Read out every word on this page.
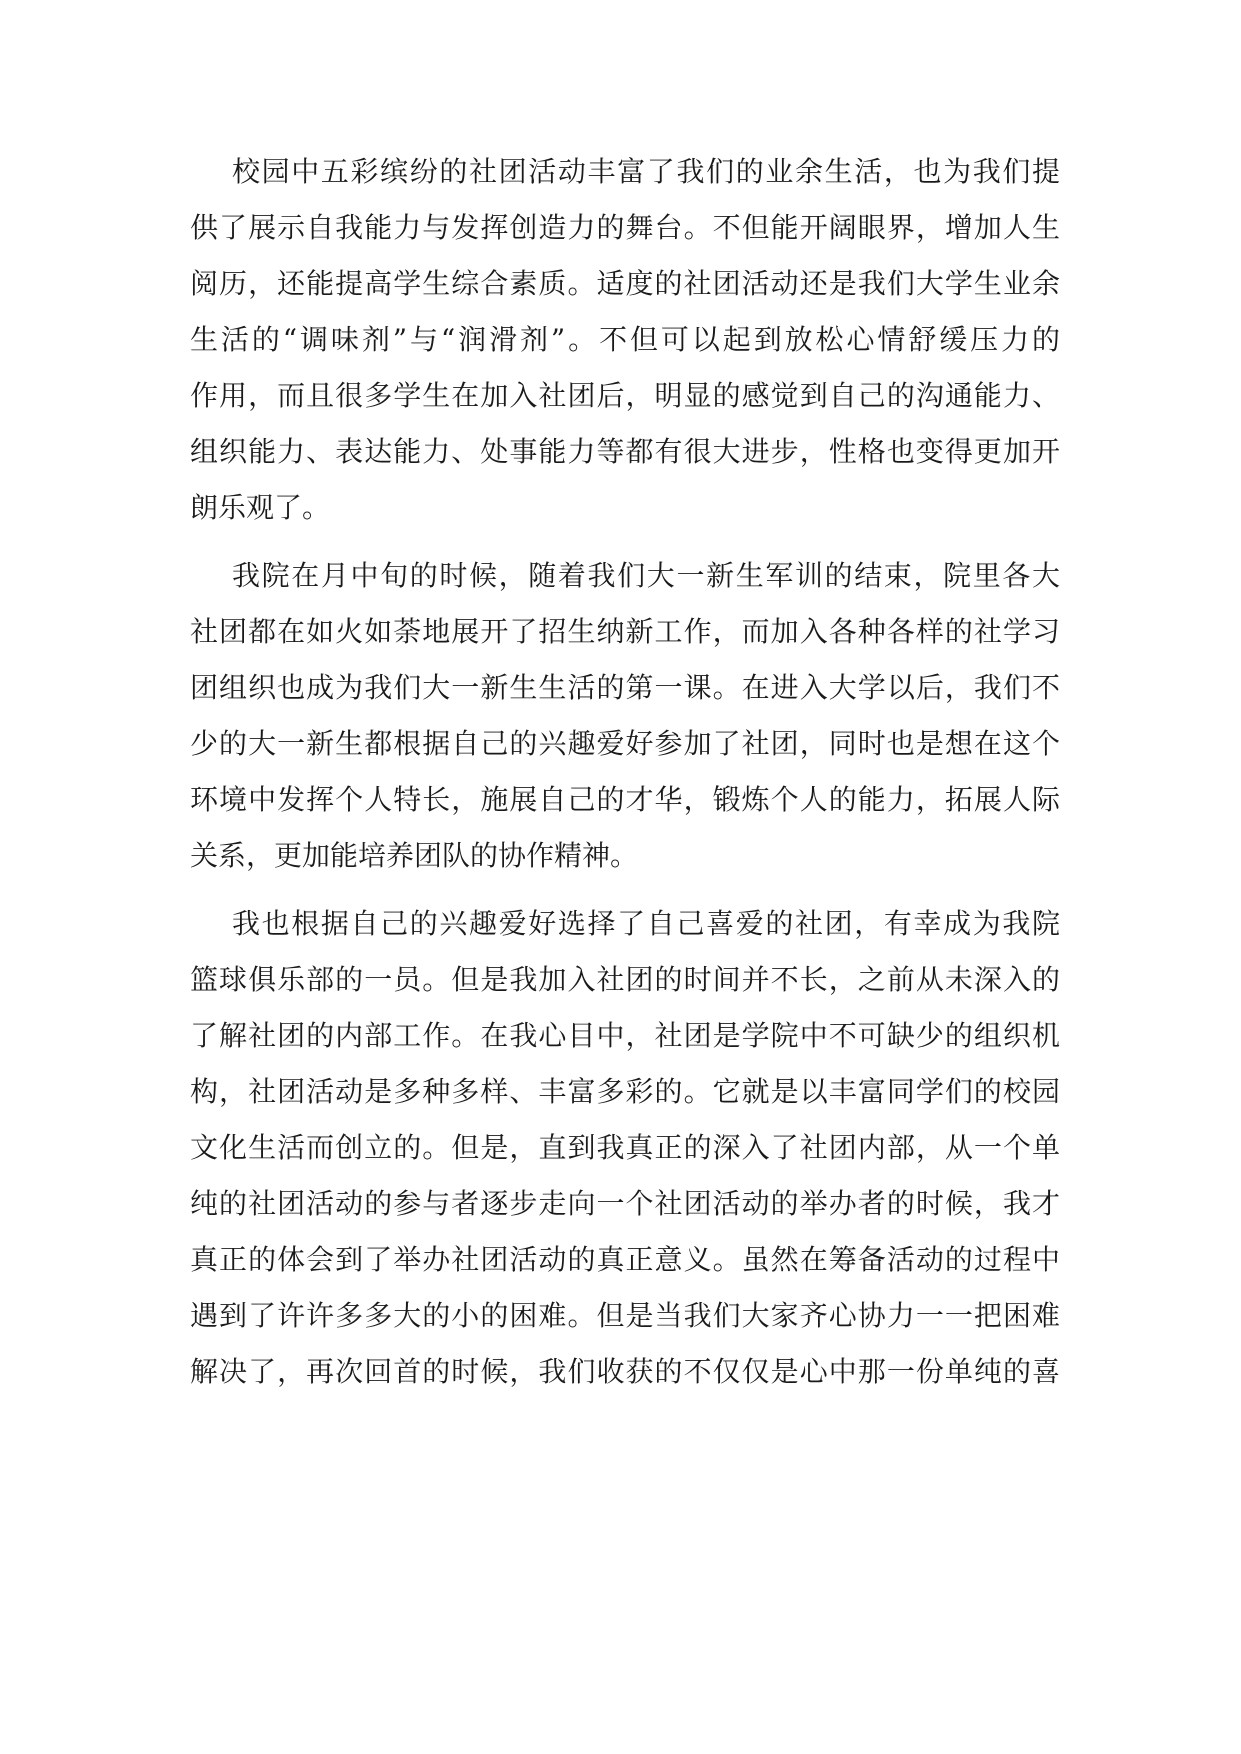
校园中五彩缤纷的社团活动丰富了我们的业余生活，也为我们提
供了展示自我能力与发挥创造力的舞台。不但能开阔眼界，增加人生
阅历，还能提高学生综合素质。适度的社团活动还是我们大学生业余
生活的“调味剂”与“润滑剂”。不但可以起到放松心情舒缓压力的
作用，而且很多学生在加入社团后，明显的感觉到自己的沟通能力、
组织能力、表达能力、处事能力等都有很大进步，性格也变得更加开
朗乐观了。
我院在月中旬的时候，随着我们大一新生军训的结束，院里各大
社团都在如火如荼地展开了招生纳新工作，而加入各种各样的社学习
团组织也成为我们大一新生生活的第一课。在进入大学以后，我们不
少的大一新生都根据自己的兴趣爱好参加了社团，同时也是想在这个
环境中发挥个人特长，施展自己的才华，锻炼个人的能力，拓展人际
关系，更加能培养团队的协作精神。
我也根据自己的兴趣爱好选择了自己喜爱的社团，有幸成为我院
篮球俱乐部的一员。但是我加入社团的时间并不长，之前从未深入的
了解社团的内部工作。在我心目中，社团是学院中不可缺少的组织机
构，社团活动是多种多样、丰富多彩的。它就是以丰富同学们的校园
文化生活而创立的。但是，直到我真正的深入了社团内部，从一个单
纯的社团活动的参与者逐步走向一个社团活动的举办者的时候，我才
真正的体会到了举办社团活动的真正意义。虽然在筹备活动的过程中
遇到了许许多多大的小的困难。但是当我们大家齐心协力一一把困难
解决了，再次回首的时候，我们收获的不仅仅是心中那一份单纯的喜
